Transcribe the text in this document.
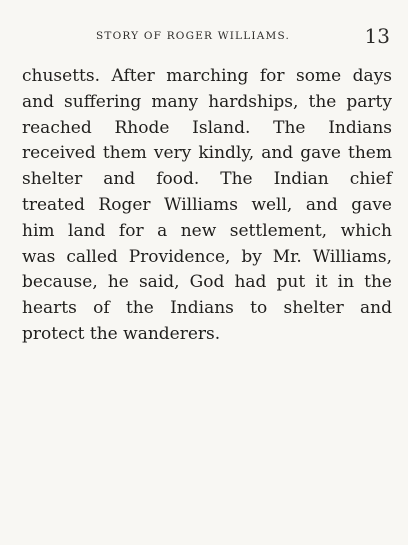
STORY OF ROGER WILLIAMS.	13

chusetts. After marching for some days
and suffering many hardships, the party
reached Rhode Island. The Indians
received them very kindly, and gave them
shelter and food. The Indian chief
treated Roger Williams well, and gave
him land for a new settlement, which
was called Providence, by Mr. Williams,
because, he said, God had put it in the
hearts of the Indians to shelter and
protect the wanderers.
